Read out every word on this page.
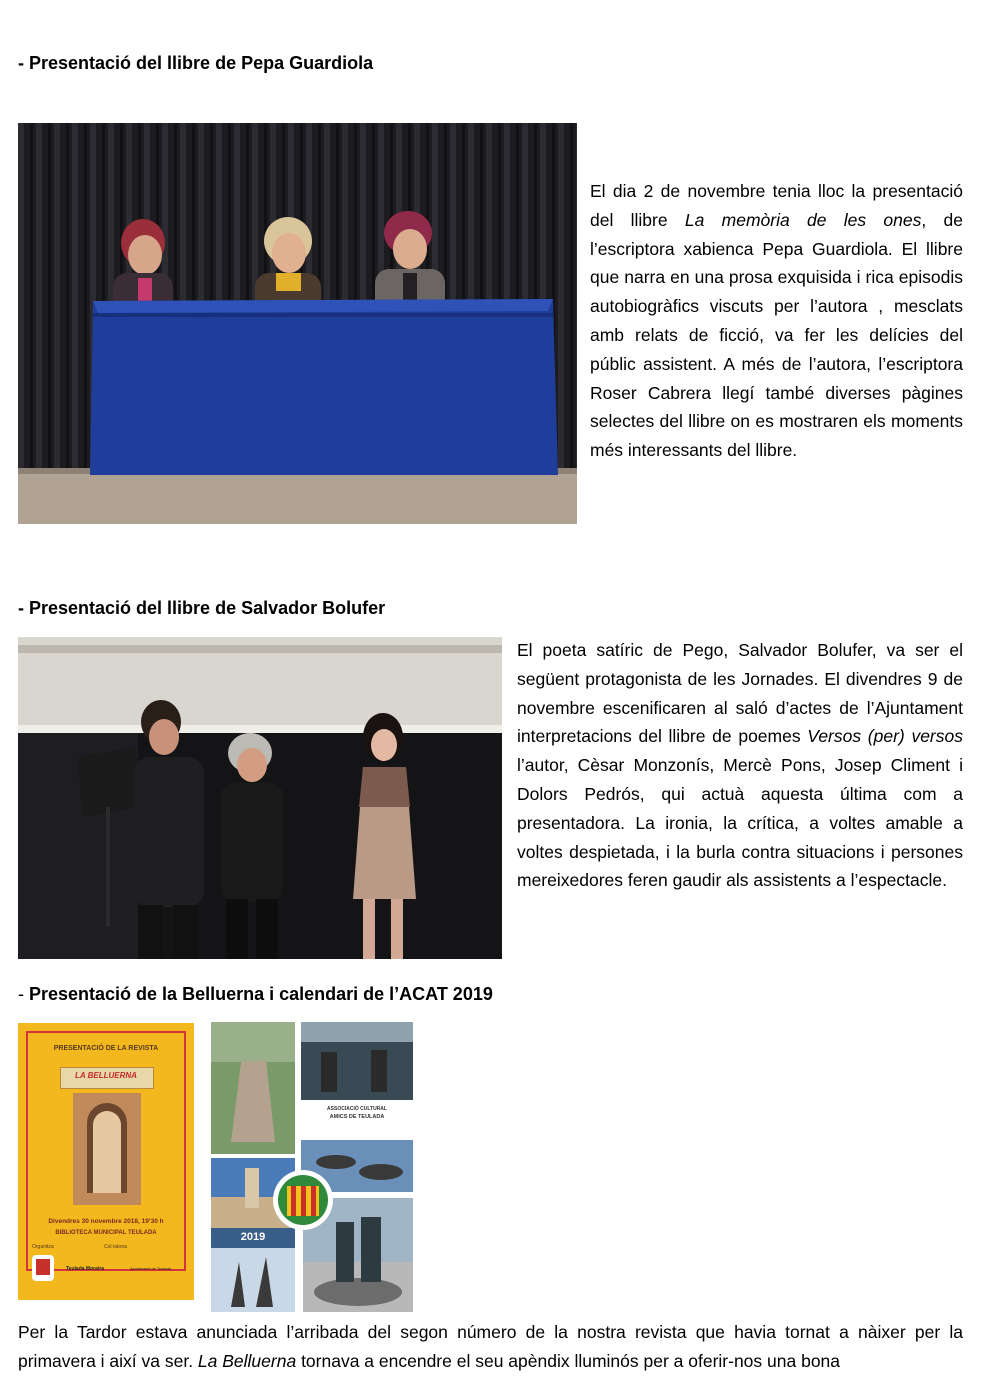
- Presentació del llibre de Pepa Guardiola

El dia 2 de novembre tenia lloc la presentació del llibre La memòria de les ones, de l’escriptora xabienca Pepa Guardiola. El llibre que narra en una prosa exquisida i rica episodis autobiogràfics viscuts per l’autora , mesclats amb relats de ficció, va fer les delícies del públic assistent. A més de l’autora, l’escriptora Roser Cabrera llegí també diverses pàgines selectes del llibre on es mostraren els moments més interessants del llibre.

- Presentació del llibre de Salvador Bolufer

El poeta satíric de Pego, Salvador Bolufer, va ser el següent protagonista de les Jornades. El divendres 9 de novembre escenificaren al saló d’actes de l’Ajuntament interpretacions del llibre de poemes Versos (per) versos l’autor, Cèsar Monzonís, Mercè Pons, Josep Climent i Dolors Pedrós, qui actuà aquesta última com a presentadora. La ironia, la crítica, a voltes amable a voltes despietada, i la burla contra situacions i persones mereixedores feren gaudir als assistents a l’espectacle.

- Presentació de la Belluerna i calendari de l’ACAT 2019
PRESENTACIÓ DE LA REVISTA
LA BELLUERNA
Divendres 30 novembre 2018, 19’30 h
BIBLIOTECA MUNICIPAL TEULADA
Organitza	Col·labora
Teulada Moraira	Ajuntament de Teulada
ASSOCIACIÓ CULTURAL
AMICS DE TEULADA
2019

Per la Tardor estava anunciada l’arribada del segon número de la nostra revista que havia tornat a nàixer per la primavera i així va ser. La Belluerna tornava a encendre el seu apèndix lluminós per a oferir-nos una bona
